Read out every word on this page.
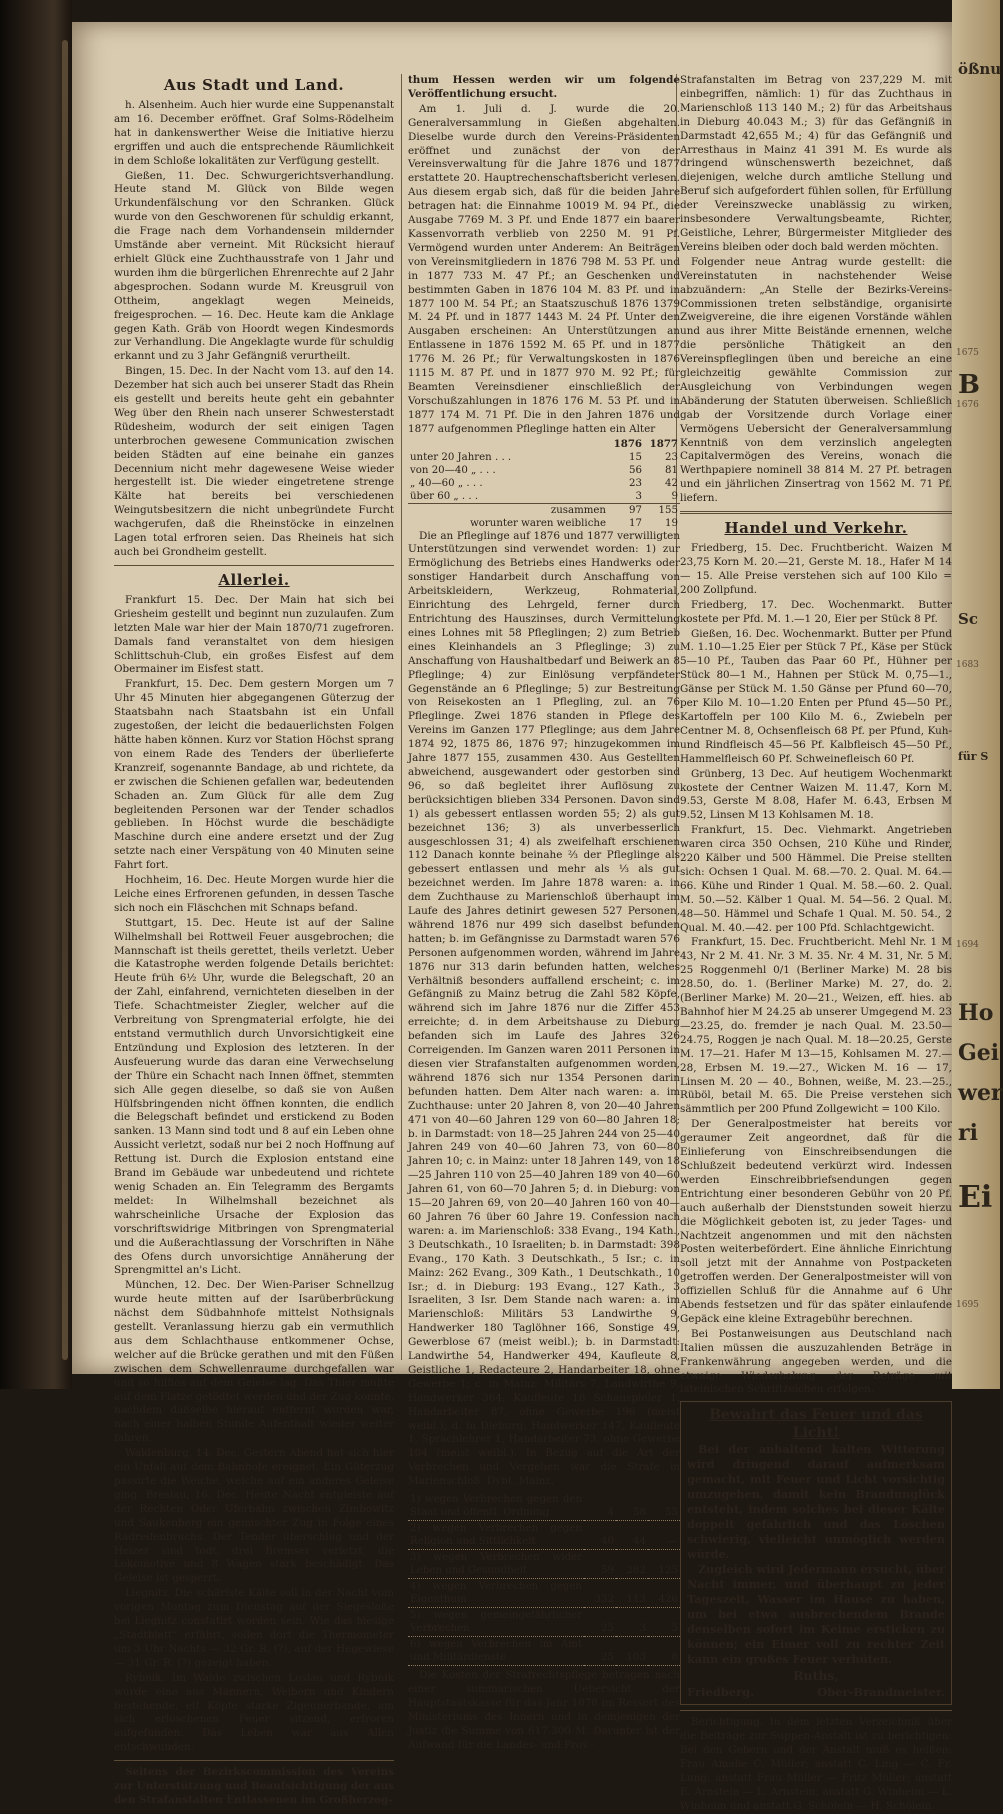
Aus Stadt und Land.

h. Alsenheim. Auch hier wurde eine Suppenanstalt am 16. December eröffnet. Graf Solms-Rödelheim hat in dankenswerther Weise die Initiative hierzu ergriffen und auch die entsprechende Räumlichkeit in dem Schloße lokalitäten zur Verfügung gestellt.

Gießen, 11. Dec. Schwurgerichtsverhandlung. Heute stand M. Glück von Bilde wegen Urkundenfälschung vor den Schranken. Glück wurde von den Geschworenen für schuldig erkannt, die Frage nach dem Vorhandensein mildernder Umstände aber verneint. Mit Rücksicht hierauf erhielt Glück eine Zuchthausstrafe von 1 Jahr und wurden ihm die bürgerlichen Ehrenrechte auf 2 Jahr abgesprochen. Sodann wurde M. Kreusgruil von Ottheim, angeklagt wegen Meineids, freigesprochen. — 16. Dec. Heute kam die Anklage gegen Kath. Gräb von Hoordt wegen Kindesmords zur Verhandlung. Die Angeklagte wurde für schuldig erkannt und zu 3 Jahr Gefängniß verurtheilt.

Bingen, 15. Dec. In der Nacht vom 13. auf den 14. Dezember hat sich auch bei unserer Stadt das Rhein eis gestellt und bereits heute geht ein gebahnter Weg über den Rhein nach unserer Schwesterstadt Rüdesheim, wodurch der seit einigen Tagen unterbrochen gewesene Communication zwischen beiden Städten auf eine beinahe ein ganzes Decennium nicht mehr dagewesene Weise wieder hergestellt ist. Die wieder eingetretene strenge Kälte hat bereits bei verschiedenen Weingutsbesitzern die nicht unbegründete Furcht wachgerufen, daß die Rheinstöcke in einzelnen Lagen total erfroren seien. Das Rheineis hat sich auch bei Grondheim gestellt.

Allerlei.

Frankfurt 15. Dec. Der Main hat sich bei Griesheim gestellt und beginnt nun zuzulaufen. Zum letzten Male war hier der Main 1870/71 zugefroren. Damals fand veranstaltet von dem hiesigen Schlittschuh-Club, ein großes Eisfest auf dem Obermainer im Eisfest statt.

Frankfurt, 15. Dec. Dem gestern Morgen um 7 Uhr 45 Minuten hier abgegangenen Güterzug der Staatsbahn nach Staatsbahn ist ein Unfall zugestoßen, der leicht die bedauerlichsten Folgen hätte haben können. Kurz vor Station Höchst sprang von einem Rade des Tenders der überlieferte Kranzreif, sogenannte Bandage, ab und richtete, da er zwischen die Schienen gefallen war, bedeutenden Schaden an. Zum Glück für alle dem Zug begleitenden Personen war der Tender schadlos geblieben. In Höchst wurde die beschädigte Maschine durch eine andere ersetzt und der Zug setzte nach einer Verspätung von 40 Minuten seine Fahrt fort.

Hochheim, 16. Dec. Heute Morgen wurde hier die Leiche eines Erfrorenen gefunden, in dessen Tasche sich noch ein Fläschchen mit Schnaps befand.

Stuttgart, 15. Dec. Heute ist auf der Saline Wilhelmshall bei Rottweil Feuer ausgebrochen; die Mannschaft ist theils gerettet, theils verletzt. Ueber die Katastrophe werden folgende Details berichtet: Heute früh 6½ Uhr, wurde die Belegschaft, 20 an der Zahl, einfahrend, vernichteten dieselben in der Tiefe. Schachtmeister Ziegler, welcher auf die Verbreitung von Sprengmaterial erfolgte, hie dei entstand vermuthlich durch Unvorsichtigkeit eine Entzündung und Explosion des letzteren. In der Ausfeuerung wurde das daran eine Verwechselung der Thüre ein Schacht nach Innen öffnet, stemmten sich Alle gegen dieselbe, so daß sie von Außen Hülfsbringenden nicht öffnen konnten, die endlich die Belegschaft befindet und erstickend zu Boden sanken. 13 Mann sind todt und 8 auf ein Leben ohne Aussicht verletzt, sodaß nur bei 2 noch Hoffnung auf Rettung ist. Durch die Explosion entstand eine Brand im Gebäude war unbedeutend und richtete wenig Schaden an. Ein Telegramm des Bergamts meldet: In Wilhelmshall bezeichnet als wahrscheinliche Ursache der Explosion das vorschriftswidrige Mitbringen von Sprengmaterial und die Außerachtlassung der Vorschriften in Nähe des Ofens durch unvorsichtige Annäherung der Sprengmittel an's Licht.

München, 12. Dec. Der Wien-Pariser Schnellzug wurde heute mitten auf der Isarüberbrückung nächst dem Südbahnhofe mittelst Nothsignals gestellt. Veranlassung hierzu gab ein vermuthlich aus dem Schlachthause entkommener Ochse, welcher auf die Brücke gerathen und mit den Füßen zwischen dem Schwellenraume durchgefallen war und so hilflos auf dem Geleise lag. Das Thier mußte auf dem Platze getödtet werden und der Zug konnte, nachdem daßselbe hierauf entfernt worden war, nach einer halben Stunde Aufenthalt wieder weiter fahren.

Waldenburg, 14. Dec. Gestern Abend hat sich hier ein Unfall auf dem Bahnhofe ereignet. Ein Güterzug passirte die Weiche, welche auf ein anderes Geleise ging. Breslau, 16. Dec. Heute Nacht entgleiste auf der Rechten Oder Uferbahn zwischen Zimbowitz und Saukenberg ein gemischter Zug in Folge eines Radreifenbruchs. Der Tender überschlug und der Heizer sind todt, drei Bremser verletzt, die Lokomotive und 8 Wagen stark beschädigt. Das Geleise ist gesperrt.

Liegnitz. Die schärfste Kälte soll in der Nacht vom vorigen Montag zum Dienstag auf der Siegesloße bei Liegnitz constatirt worden sein. Wie das hiesige „Stadtblatt“ erfährt, sollen dort die Thermometer um 3 Uhr Nachts — 32 Gr. R. (?), auf der Hegewiese — 31 Gr. R. (?) gezeigt haben.

Rybnik. Im Walde zwischen Loslau und Rybnik wurde eine aus Männern, Weibern und Kindern bestehende, elf Köpfe starke Zigeunerbande, am sich erloschenen Feuer sitzend, erfroren aufgefunden. Das Leben war aus Allen entschwunden.

Seitens der Bezirkscommission des Vereins zur Unterstützung und Beaufsichtigung der aus den Strafanstalten Entlassenen im Großherzog-

thum Hessen werden wir um folgende Veröffentlichung ersucht.

Am 1. Juli d. J. wurde die 20. Generalversammlung in Gießen abgehalten. Dieselbe wurde durch den Vereins-Präsidenten eröffnet und zunächst der von der Vereinsverwaltung für die Jahre 1876 und 1877 erstattete 20. Hauptrechenschaftsbericht verlesen. Aus diesem ergab sich, daß für die beiden Jahre betragen hat: die Einnahme 10019 M. 94 Pf., die Ausgabe 7769 M. 3 Pf. und Ende 1877 ein baarer Kassenvorrath verblieb von 2250 M. 91 Pf. Vermögend wurden unter Anderem: An Beiträgen von Vereinsmitgliedern in 1876 798 M. 53 Pf. und in 1877 733 M. 47 Pf.; an Geschenken und bestimmten Gaben in 1876 104 M. 83 Pf. und in 1877 100 M. 54 Pf.; an Staatszuschuß 1876 1379 M. 24 Pf. und in 1877 1443 M. 24 Pf. Unter den Ausgaben erscheinen: An Unterstützungen an Entlassene in 1876 1592 M. 65 Pf. und in 1877 1776 M. 26 Pf.; für Verwaltungskosten in 1876 1115 M. 87 Pf. und in 1877 970 M. 92 Pf.; für Beamten Vereinsdiener einschließlich der Vorschußzahlungen in 1876 176 M. 53 Pf. und in 1877 174 M. 71 Pf. Die in den Jahren 1876 und 1877 aufgenommen Pfleglinge hatten ein Alter

	1876	1877
unter 20 Jahren . . .	15	23
von 20—40 „ . . .	56	81
„ 40—60 „ . . .	23	42
über 60 „ . . .	3	9
zusammen	97	155
worunter waren weibliche	17	19

Die an Pfleglinge auf 1876 und 1877 verwilligten Unterstützungen sind verwendet worden: 1) zur Ermöglichung des Betriebs eines Handwerks oder sonstiger Handarbeit durch Anschaffung von Arbeitskleidern, Werkzeug, Rohmaterial, Einrichtung des Lehrgeld, ferner durch Entrichtung des Hauszinses, durch Vermittelung eines Lohnes mit 58 Pfleglingen; 2) zum Betrieb eines Kleinhandels an 3 Pfleglinge; 3) zu Anschaffung von Haushaltbedarf und Beiwerk an 8 Pfleglinge; 4) zur Einlösung verpfändeter Gegenstände an 6 Pfleglinge; 5) zur Bestreitung von Reisekosten an 1 Pflegling, zul. an 76 Pfleglinge. Zwei 1876 standen in Pflege des Vereins im Ganzen 177 Pfleglinge; aus dem Jahre 1874 92, 1875 86, 1876 97; hinzugekommen im Jahre 1877 155, zusammen 430. Aus Gestellten abweichend, ausgewandert oder gestorben sind 96, so daß begleitet ihrer Auflösung zu berücksichtigen blieben 334 Personen. Davon sind 1) als gebessert entlassen worden 55; 2) als gut bezeichnet 136; 3) als unverbesserlich ausgeschlossen 31; 4) als zweifelhaft erschienen 112 Danach konnte beinahe ⅔ der Pfleglinge als gebessert entlassen und mehr als ⅓ als gut bezeichnet werden. Im Jahre 1878 waren: a. in dem Zuchthause zu Marienschloß überhaupt im Laufe des Jahres detinirt gewesen 527 Personen, während 1876 nur 499 sich daselbst befunden hatten; b. im Gefängnisse zu Darmstadt waren 576 Personen aufgenommen worden, während im Jahre 1876 nur 313 darin befunden hatten, welches Verhältniß besonders auffallend erscheint; c. im Gefängniß zu Mainz betrug die Zahl 582 Köpfe, während sich im Jahre 1876 nur die Ziffer 453 erreichte; d. in dem Arbeitshause zu Dieburg befanden sich im Laufe des Jahres 326 Correigenden. Im Ganzen waren 2011 Personen in diesen vier Strafanstalten aufgenommen worden, während 1876 sich nur 1354 Personen darin befunden hatten. Dem Alter nach waren: a. im Zuchthause: unter 20 Jahren 8, von 20—40 Jahren 471 von 40—60 Jahren 129 von 60—80 Jahren 18; b. in Darmstadt: von 18—25 Jahren 244 von 25—40 Jahren 249 von 40—60 Jahren 73, von 60—80 Jahren 10; c. in Mainz: unter 18 Jahren 149, von 18—25 Jahren 110 von 25—40 Jahren 189 von 40—60 Jahren 61, von 60—70 Jahren 5; d. in Dieburg: von 15—20 Jahren 69, von 20—40 Jahren 160 von 40—60 Jahren 76 über 60 Jahre 19. Confession nach waren: a. im Marienschloß: 338 Evang., 194 Kath., 3 Deutschkath., 10 Israeliten; b. in Darmstadt: 398 Evang., 170 Kath. 3 Deutschkath., 5 Isr.; c. in Mainz: 262 Evang., 309 Kath., 1 Deutschkath., 10 Isr.; d. in Dieburg: 193 Evang., 127 Kath., 3 Israeliten, 3 Isr. Dem Stande nach waren: a. im Marienschloß: Militärs 53 Landwirthe 9, Handwerker 180 Taglöhner 166, Sonstige 49, Gewerblose 67 (meist weibl.); b. in Darmstadt: Landwirthe 54, Handwerker 494, Kaufleute 8, Geistliche 1, Redacteure 2, Handarbeiter 18, ohne Gewerbe 1; c. in Mainz: Militärs 7, Landwirthe 9, Handwerker 364, Kaufleute 18 Schauspieler 1, Handarbeiter 87, ohne Gewerbe 196 (meist weibl.); d. in Dieburg: Handwerker 147, Kaufleute 1, Sprachlehrer 1, Handarbeiter 73, ohne Gewerbe 104 (meist weibl.). In Bezug auf die Art der Verbrechen und Vergehen war die Strafe in Marienschloß. Dybt. Mainz.

1) wegen Verbrechen gegen den Staat und öffentl. Ordnung	4	58	55
2) wegen Verbrechen gegen Religion und Sittlichkeit	40	44	—
3) wegen Verbrechen wider Leben und Gesundheit	59	282	125
4) wegen Verbrechen gegen Eigenthum	332	113	426
5) wegen gemeingefährlicher Verbrechen	25	3	5
6) wegen Verbrechen im Amt und Militärdienste	25	103	8

Die Kosten der Strafrechtspflege betragen nach einer summarischen Uebersicht der Hauptstaatskasse für das Jahr 1878 im Ressort des Ministeriums des Innern und in demjenigen der Justiz die Summe von 617.300 M. Darunter ist der Aufwand für die Landes- und Prov.-

Strafanstalten im Betrag von 237,229 M. mit einbegriffen, nämlich: 1) für das Zuchthaus in Marienschloß 113 140 M.; 2) für das Arbeitshaus in Dieburg 40.043 M.; 3) für das Gefängniß in Darmstadt 42,655 M.; 4) für das Gefängniß und Arresthaus in Mainz 41 391 M. Es wurde als dringend wünschenswerth bezeichnet, daß diejenigen, welche durch amtliche Stellung und Beruf sich aufgefordert fühlen sollen, für Erfüllung der Vereinszwecke unablässig zu wirken, insbesondere Verwaltungsbeamte, Richter, Geistliche, Lehrer, Bürgermeister Mitglieder des Vereins bleiben oder doch bald werden möchten.

Folgender neue Antrag wurde gestellt: die Vereinstatuten in nachstehender Weise abzuändern: „An Stelle der Bezirks-Vereins-Commissionen treten selbständige, organisirte Zweigvereine, die ihre eigenen Vorstände wählen und aus ihrer Mitte Beistände ernennen, welche die persönliche Thätigkeit an den Vereinspfleglingen üben und bereiche an eine gleichzeitig gewählte Commission zur Ausgleichung von Verbindungen wegen Abänderung der Statuten überweisen. Schließlich gab der Vorsitzende durch Vorlage einer Vermögens Uebersicht der Generalversammlung Kenntniß von dem verzinslich angelegten Capitalvermögen des Vereins, wonach die Werthpapiere nominell 38 814 M. 27 Pf. betragen und ein jährlichen Zinsertrag von 1562 M. 71 Pf. liefern.

Handel und Verkehr.

Friedberg, 15. Dec. Fruchtbericht. Waizen M 23,75 Korn M. 20.—21, Gerste M. 18., Hafer M 14 — 15. Alle Preise verstehen sich auf 100 Kilo = 200 Zollpfund.

Friedberg, 17. Dec. Wochenmarkt. Butter kostete per Pfd. M. 1.—1 20, Eier per Stück 8 Pf.

Gießen, 16. Dec. Wochenmarkt. Butter per Pfund M. 1.10—1.25 Eier per Stück 7 Pf., Käse per Stück 5—10 Pf., Tauben das Paar 60 Pf., Hühner per Stück 80—1 M., Hahnen per Stück M. 0,75—1., Gänse per Stück M. 1.50 Gänse per Pfund 60—70, per Kilo M. 10—1.20 Enten per Pfund 45—50 Pf., Kartoffeln per 100 Kilo M. 6., Zwiebeln per Centner M. 8, Ochsenfleisch 68 Pf. per Pfund, Kuh- und Rindfleisch 45—56 Pf. Kalbfleisch 45—50 Pf., Hammelfleisch 60 Pf. Schweinefleisch 60 Pf.

Grünberg, 13 Dec. Auf heutigem Wochenmarkt kostete der Centner Waizen M. 11.47, Korn M. 9.53, Gerste M 8.08, Hafer M. 6.43, Erbsen M 9.52, Linsen M 13 Kohlsamen M. 18.

Frankfurt, 15. Dec. Viehmarkt. Angetrieben waren circa 350 Ochsen, 210 Kühe und Rinder, 220 Kälber und 500 Hämmel. Die Preise stellten sich: Ochsen 1 Qual. M. 68.—70. 2. Qual. M. 64.—66. Kühe und Rinder 1 Qual. M. 58.—60. 2. Qual. M. 50.—52. Kälber 1 Qual. M. 54—56. 2 Qual. M. 48—50. Hämmel und Schafe 1 Qual. M. 50. 54., 2 Qual. M. 40.—42. per 100 Pfd. Schlachtgewicht.

Frankfurt, 15. Dec. Fruchtbericht. Mehl Nr. 1 M 43, Nr 2 M. 41. Nr. 3 M. 35. Nr. 4 M. 31, Nr. 5 M. 25 Roggenmehl 0/1 (Berliner Marke) M. 28 bis 28.50, do. 1. (Berliner Marke) M. 27, do. 2. (Berliner Marke) M. 20—21., Weizen, eff. hies. ab Bahnhof hier M 24.25 ab unserer Umgegend M. 23—23.25, do. fremder je nach Qual. M. 23.50—24.75, Roggen je nach Qual. M. 18—20.25, Gerste M. 17—21. Hafer M 13—15, Kohlsamen M. 27.—28, Erbsen M. 19.—27., Wicken M. 16 — 17, Linsen M. 20 — 40., Bohnen, weiße, M. 23.—25., Rüböl, betail M. 65. Die Preise verstehen sich sämmtlich per 200 Pfund Zollgewicht = 100 Kilo.

Der Generalpostmeister hat bereits vor geraumer Zeit angeordnet, daß für die Einlieferung von Einschreibsendungen die Schlußzeit bedeutend verkürzt wird. Indessen werden Einschreibbriefsendungen gegen Entrichtung einer besonderen Gebühr von 20 Pf. auch außerhalb der Dienststunden soweit hierzu die Möglichkeit geboten ist, zu jeder Tages- und Nachtzeit angenommen und mit den nächsten Posten weiterbefördert. Eine ähnliche Einrichtung soll jetzt mit der Annahme von Postpacketen getroffen werden. Der Generalpostmeister will von offiziellen Schluß für die Annahme auf 6 Uhr Abends festsetzen und für das später einlaufende Gepäck eine kleine Extragebühr berechnen.

Bei Postanweisungen aus Deutschland nach Italien müssen die auszuzahlenden Beträge in Frankenwährung angegeben werden, und die etwaige Wiederholung der Beträge mit lateinischen Schriftzeichen erfolgen.

Bewahrt das Feuer und das Licht!

Bei der anhaltend kalten Witterung wird dringend darauf aufmerksam gemacht, mit Feuer und Licht vorsichtig umzugehen, damit kein Brandunglück entsteht, indem solches bei dieser Kälte doppelt gefährlich und das Löschen schwierig, vielleicht unmöglich werden würde.

Zugleich wird Jedermann ersucht, über Nacht immer, und überhaupt zu jeder Tageszeit, Wasser im Hause zu haben, um bei etwa ausbrechendem Brande denselben sofort im Keime ersticken zu können; ein Eimer voll zu rechter Zeit kann ein großes Feuer verhüten.

Ruths,
Ober-Brandmeister.
Friedberg.

Berichtigung. In dem letzten Verzeichniß über die Beiträge zur Suppen-Anstalt ist zu berichtigen: Bei den Gebern und der Anstalt muß es heißen: Frau Amalie C. Müller; anstatt C. Ling — C. Fr. Lung; anstatt Frau Müller — Fritz Müller; anstatt E. Arnstein — L. Arnstein; anstatt G. Winheim — L. Winheim und anstatt G. Schölein — H. Schölein.

ößnu
B
Sc
für S
Ho
Gei
wer
ri
Ei
1675
1676
1683
1694
1695
